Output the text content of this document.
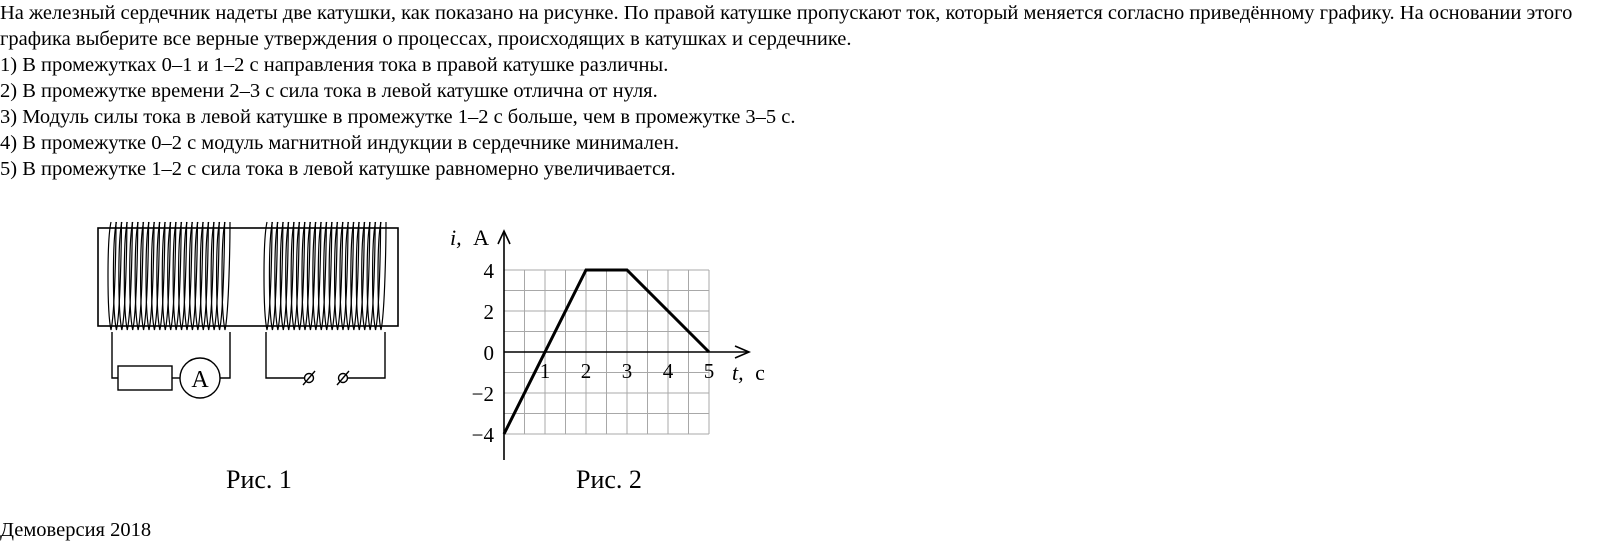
На железный сердечник надеты две катушки, как показано на рисунке. По правой катушке пропускают ток, который меняется согласно приведённому графику. На основании этого графика выберите все верные утверждения о процессах, происходящих в катушках и сердечнике.

1) В промежутках 0–1 и 1–2 с направления тока в правой катушке различны.

2) В промежутке времени 2–3 с сила тока в левой катушке отлична от нуля.

3) Модуль силы тока в левой катушке в промежутке 1–2 с больше, чем в промежутке 3–5 с.

4) В промежутке 0–2 с модуль магнитной индукции в сердечнике минимален.

5) В промежутке 1–2 с сила тока в левой катушке равномерно увеличивается.

А
4
2
0
−2
−4
1 2 3 4 5
i, А
t, с
Рис. 1	Рис. 2
Демоверсия 2018
